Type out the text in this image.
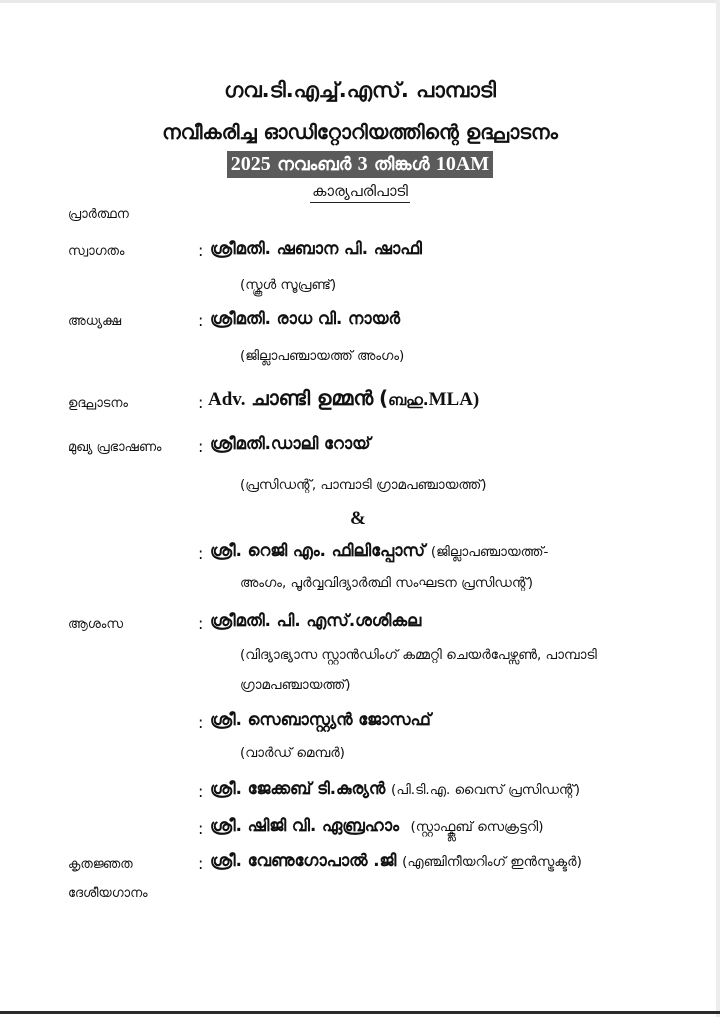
ഗവ.ടി.എച്ച്.എസ്. പാമ്പാടി
നവീകരിച്ച ഓഡിറ്റോറിയത്തിന്റെ ഉദ്ഘാടനം
2025 നവംബർ 3 തിങ്കൾ 10AM
കാര്യപരിപാടി
പ്രാർത്ഥന
സ്വാഗതം	: ശ്രീമതി. ഷബാന പി. ഷാഫി
(സ്കൂൾ സൂപ്രണ്ട്)
അധ്യക്ഷ	: ശ്രീമതി. രാധ വി. നായർ
(ജില്ലാപഞ്ചായത്ത് അംഗം)
ഉദ്ഘാടനം	: Adv. ചാണ്ടി ഉമ്മൻ (ബഹു.MLA)
മുഖ്യ പ്രഭാഷണം : ശ്രീമതി.ഡാലി റോയ്
(പ്രസിഡന്റ്, പാമ്പാടി ഗ്രാമപഞ്ചായത്ത്)
&
: ശ്രീ. റെജി എം. ഫിലിപ്പോസ് (ജില്ലാപഞ്ചായത്ത്-
അംഗം, പൂർവ്വവിദ്യാർത്ഥി സംഘടന പ്രസിഡന്റ്)
ആശംസ	: ശ്രീമതി. പി. എസ്.ശശികല
(വിദ്യാഭ്യാസ സ്റ്റാൻഡിംഗ് കമ്മറ്റി ചെയർപേഴ്സൺ, പാമ്പാടി
ഗ്രാമപഞ്ചായത്ത്)
: ശ്രീ. സെബാസ്റ്റ്യൻ ജോസഫ്
(വാർഡ് മെമ്പർ)
: ശ്രീ. ജേക്കബ് ടി.കുര്യൻ (പി.ടി.എ. വൈസ് പ്രസിഡന്റ്)
: ശ്രീ. ഷിജി വി. ഏബ്രഹാം (സ്റ്റാഫ്ക്ലബ് സെക്രട്ടറി)
കൃതജ്ഞത	: ശ്രീ. വേണുഗോപാൽ .ജി (എഞ്ചിനീയറിംഗ് ഇൻസ്ട്രക്ടർ)
ദേശീയഗാനം
